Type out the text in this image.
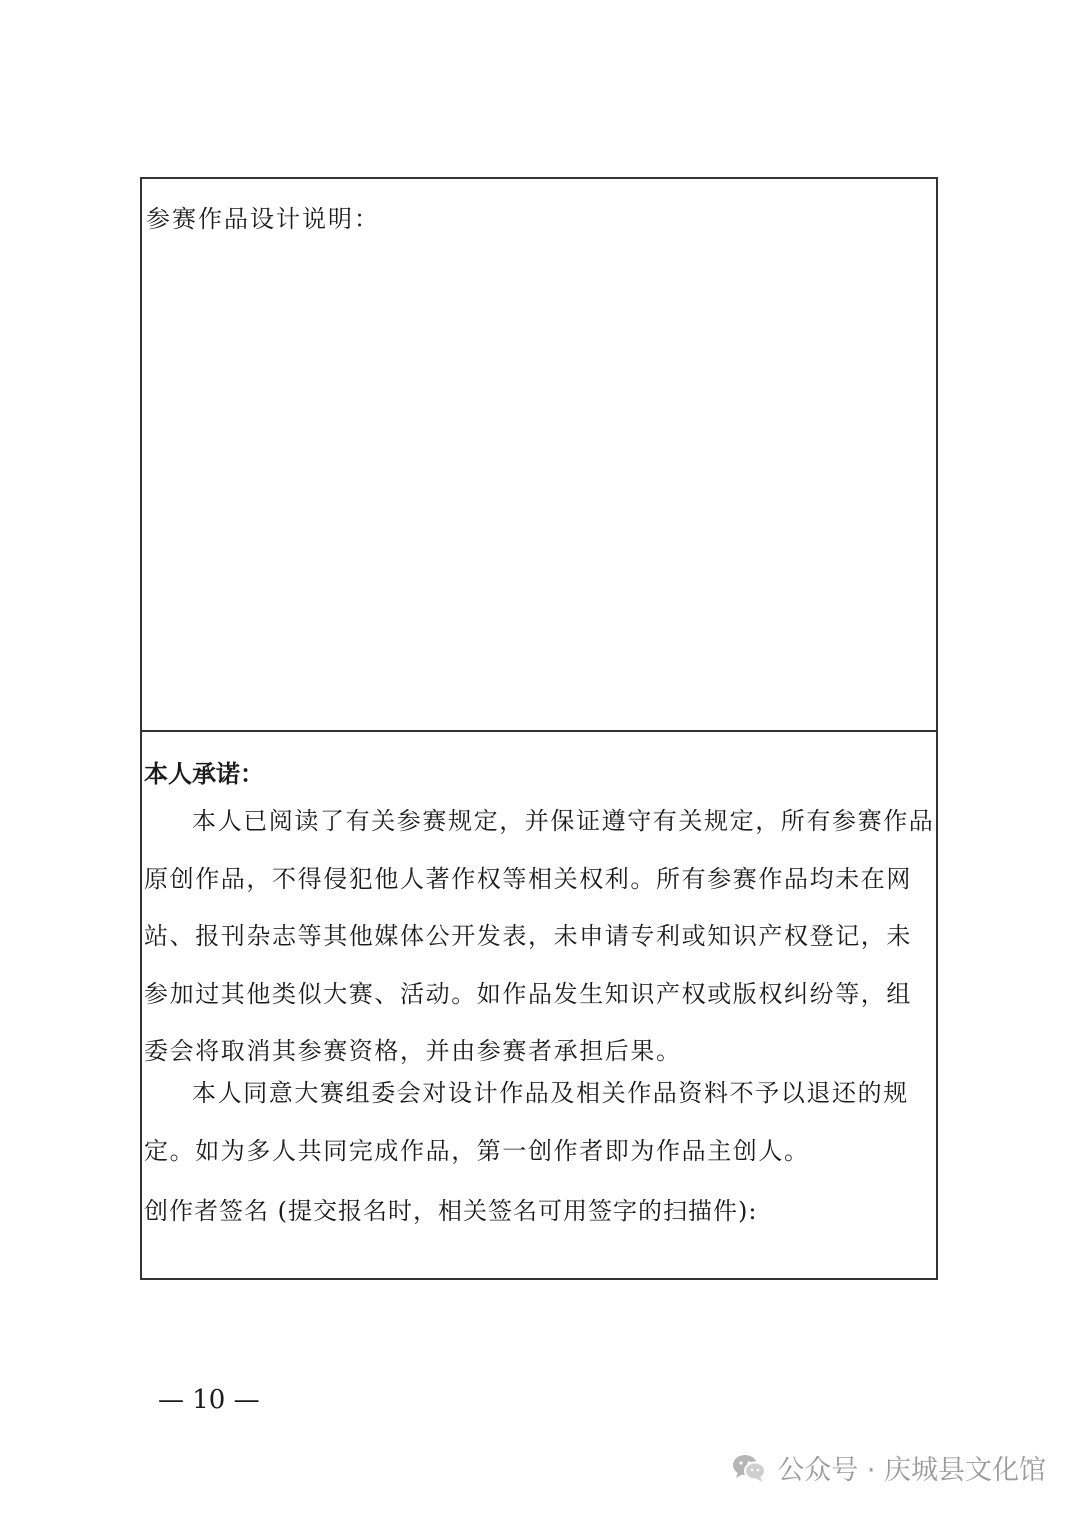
参赛作品设计说明：
本人承诺：

本人已阅读了有关参赛规定，并保证遵守有关规定，所有参赛作品原创作品，不得侵犯他人著作权等相关权利。所有参赛作品均未在网站、报刊杂志等其他媒体公开发表，未申请专利或知识产权登记，未参加过其他类似大赛、活动。如作品发生知识产权或版权纠纷等，组委会将取消其参赛资格，并由参赛者承担后果。

本人同意大赛组委会对设计作品及相关作品资料不予以退还的规定。如为多人共同完成作品，第一创作者即为作品主创人。

创作者签名 (提交报名时，相关签名可用签字的扫描件):
— 10 —
公众号 · 庆城县文化馆
